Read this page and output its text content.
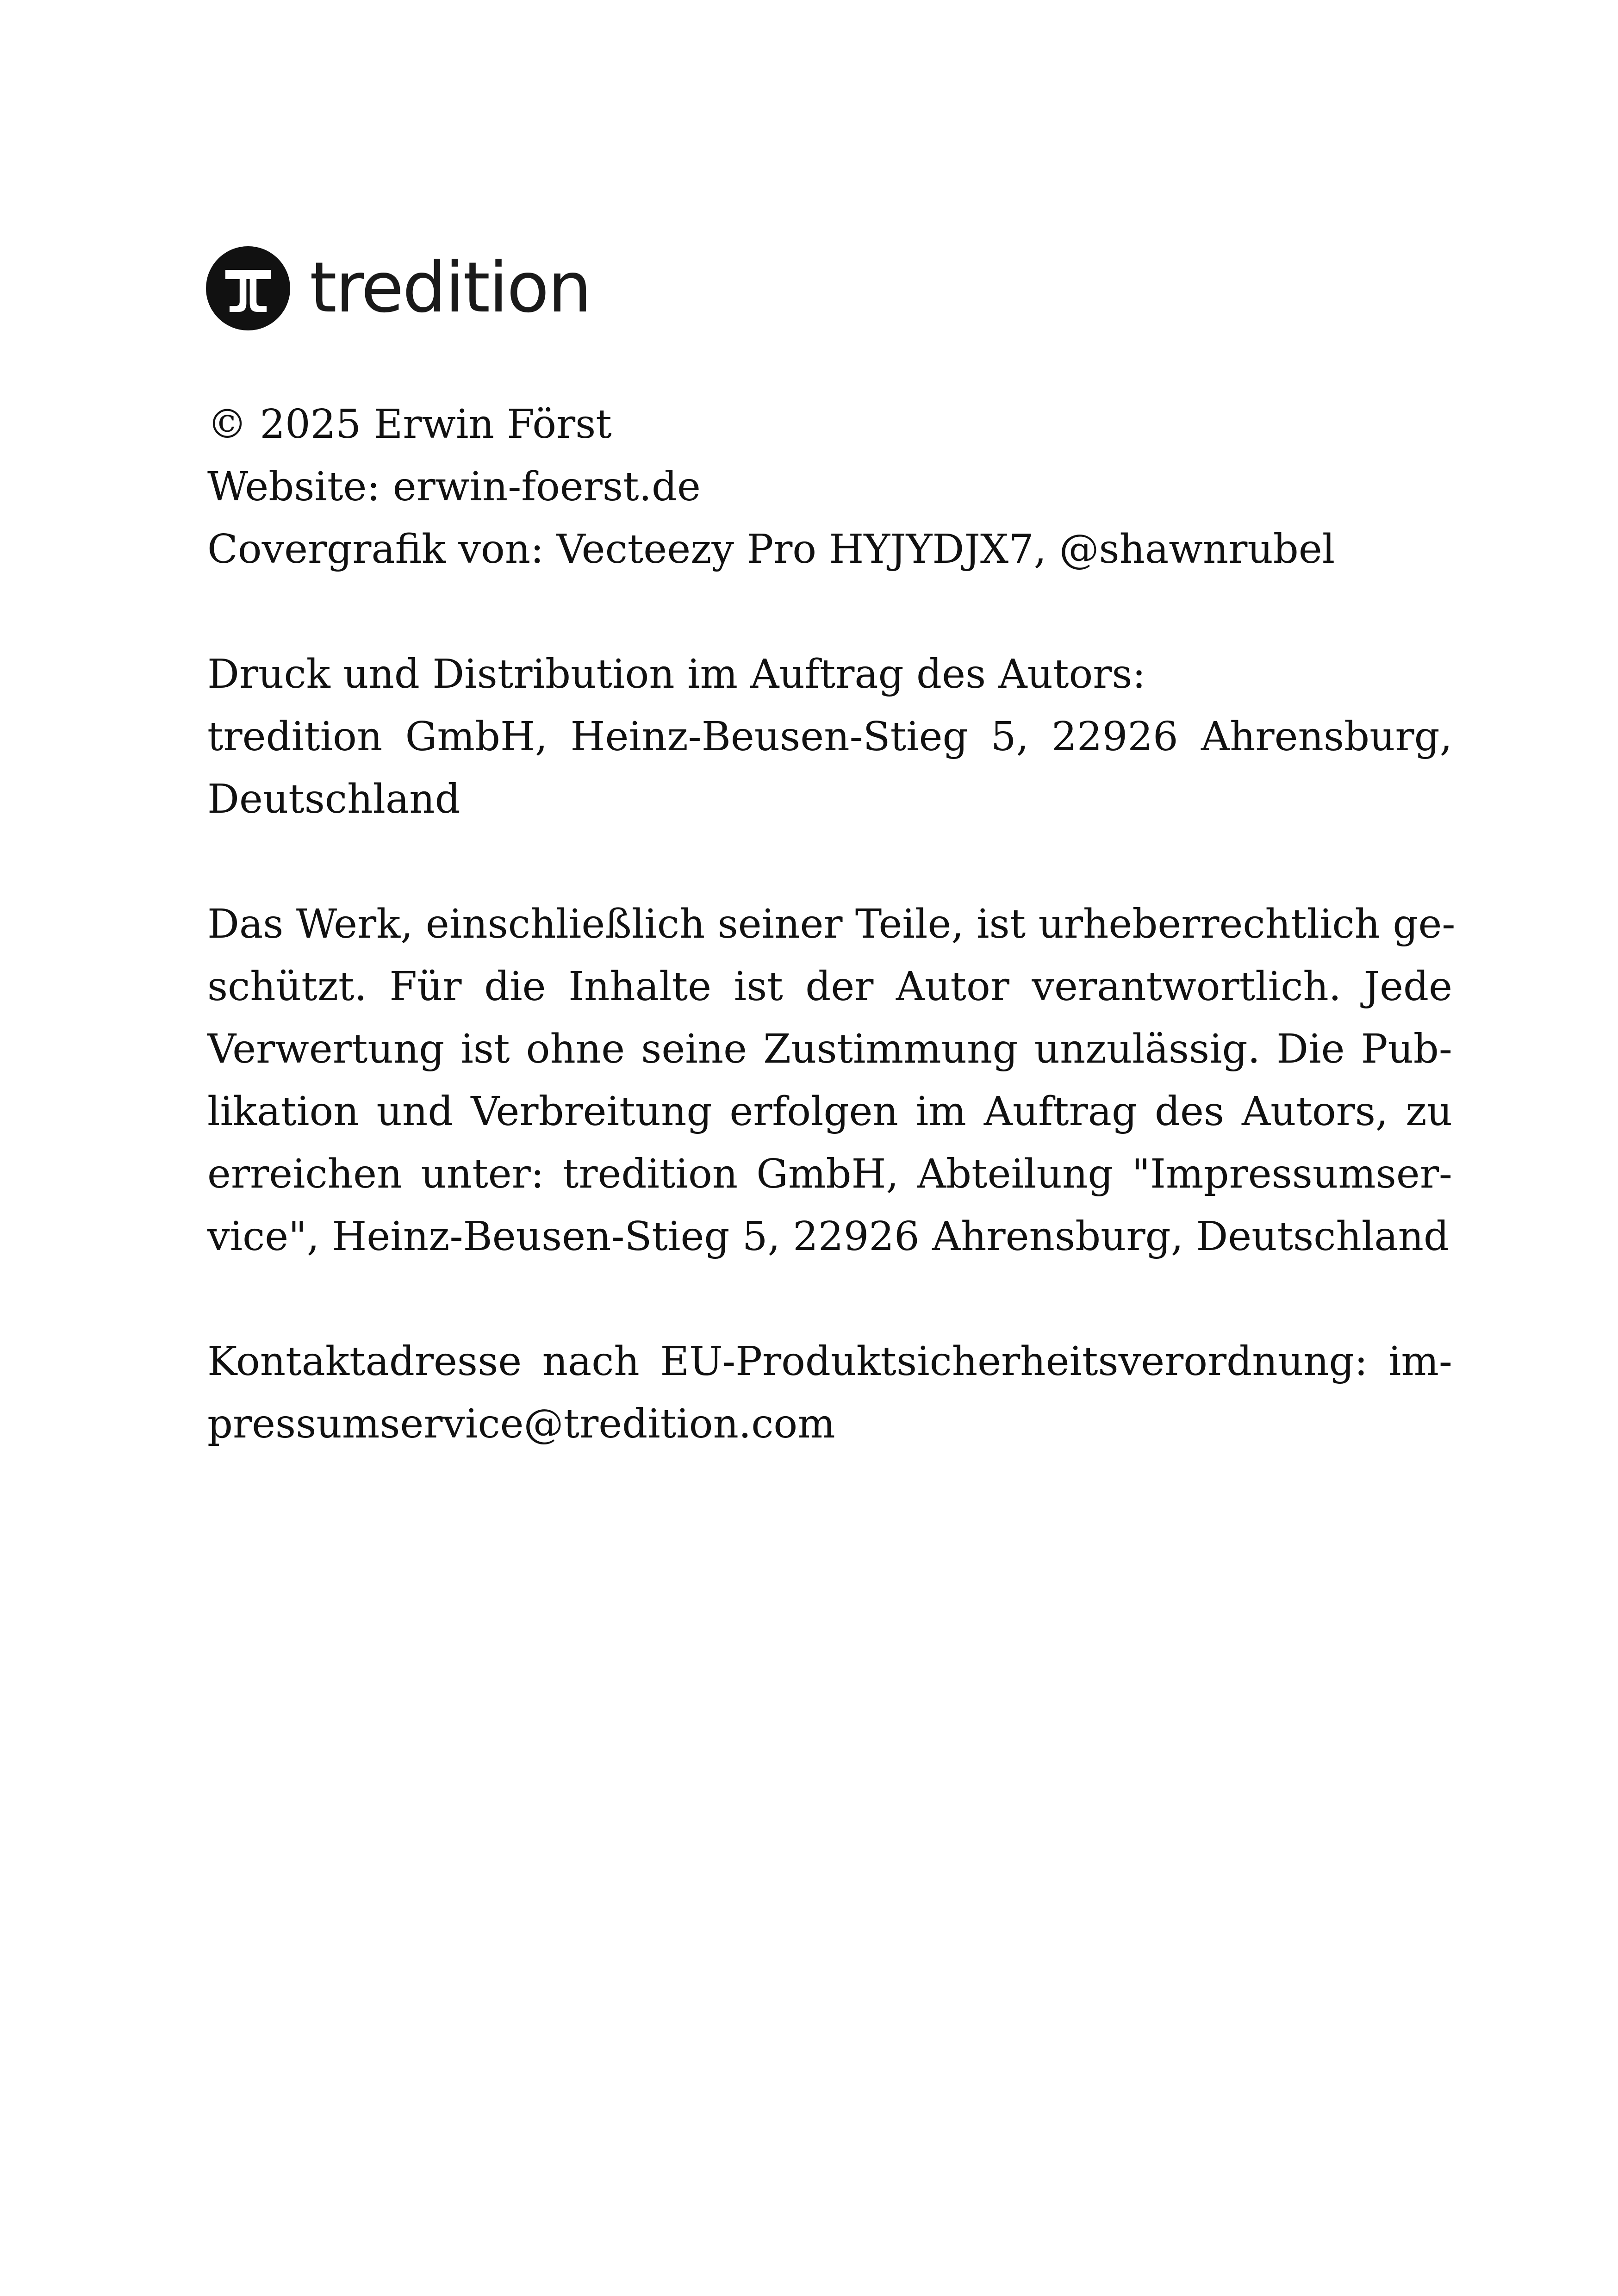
tredition
© 2025 Erwin Först
Website: erwin-foerst.de
Covergrafik von: Vecteezy Pro HYJYDJX7, @shawnrubel
Druck und Distribution im Auftrag des Autors:
tredition GmbH, Heinz-Beusen-Stieg 5, 22926 Ahrensburg,
Deutschland
Das Werk, einschließlich seiner Teile, ist urheberrechtlich ge-
schützt. Für die Inhalte ist der Autor verantwortlich. Jede
Verwertung ist ohne seine Zustimmung unzulässig. Die Pub-
likation und Verbreitung erfolgen im Auftrag des Autors, zu
erreichen unter: tredition GmbH, Abteilung "Impressumser-
vice", Heinz-Beusen-Stieg 5, 22926 Ahrensburg, Deutschland
Kontaktadresse nach EU-Produktsicherheitsverordnung: im-
pressumservice@tredition.com
